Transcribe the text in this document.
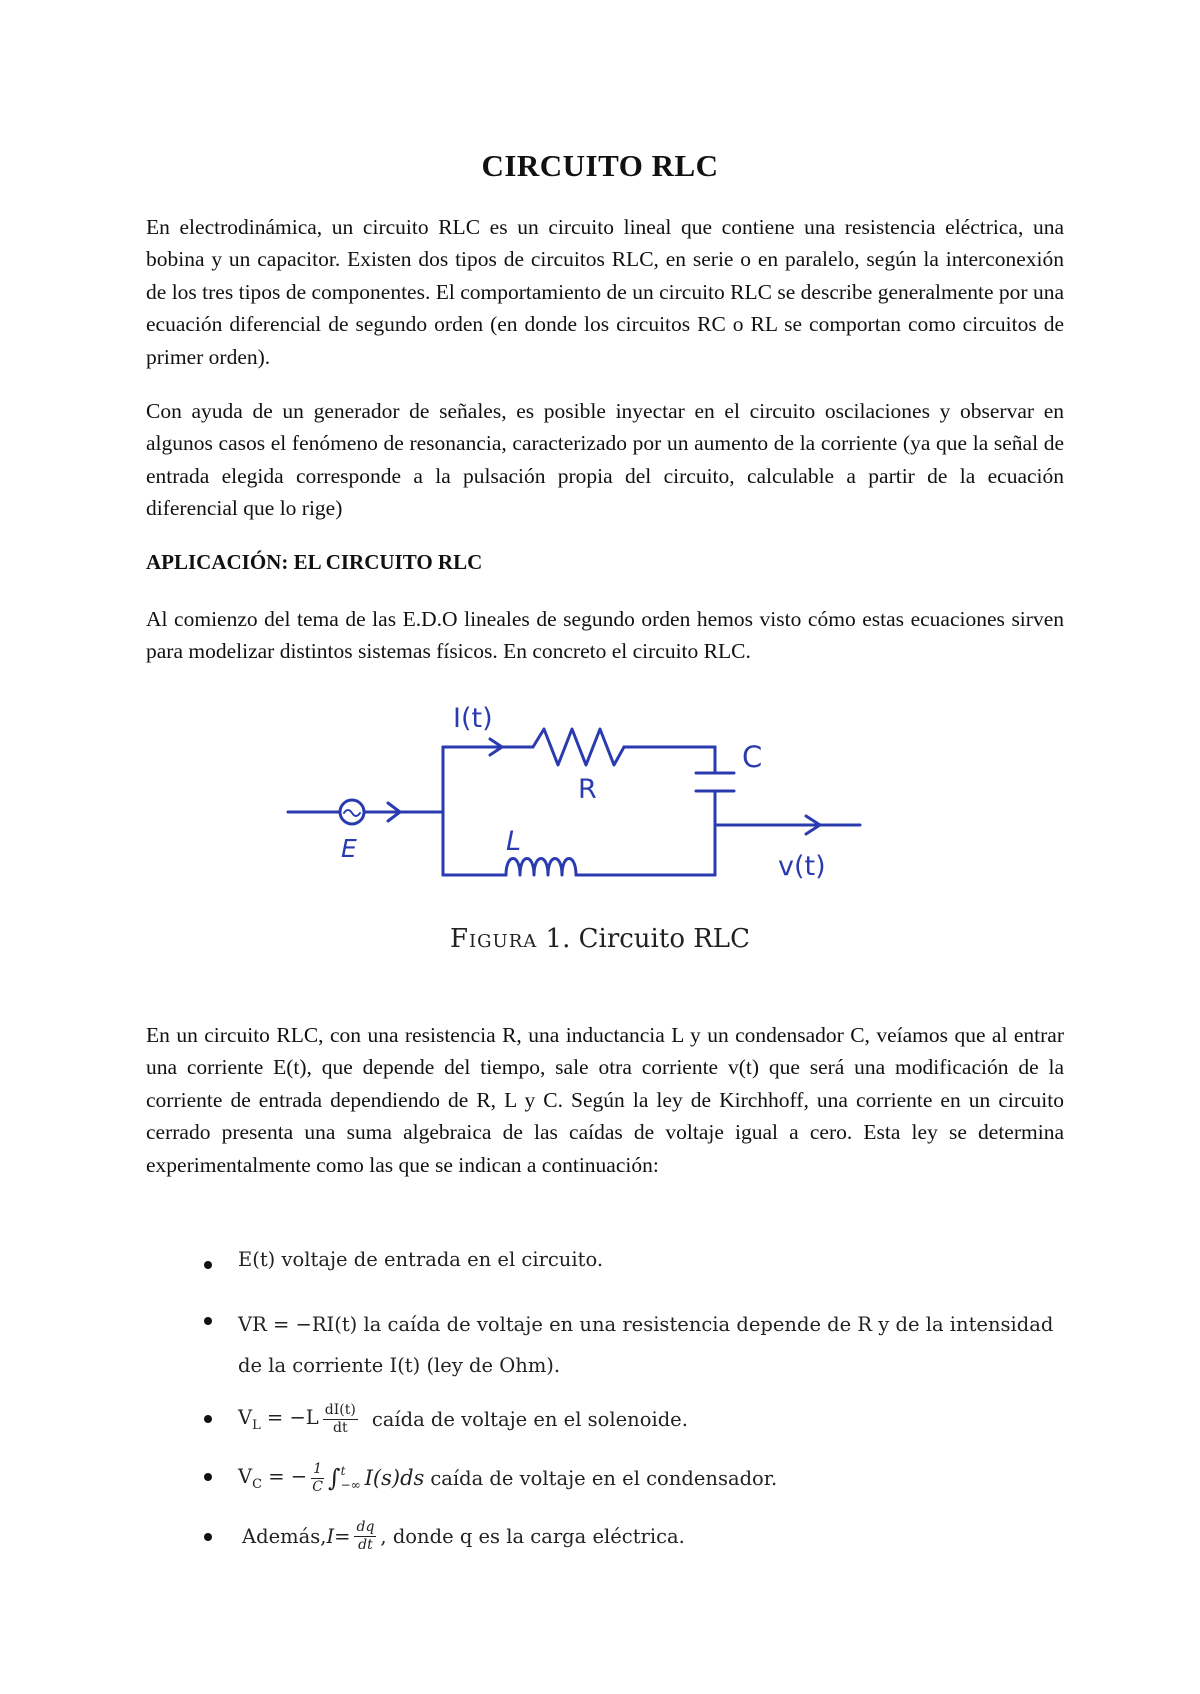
CIRCUITO RLC

En electrodinámica, un circuito RLC es un circuito lineal que contiene una resistencia eléctrica, una bobina y un capacitor. Existen dos tipos de circuitos RLC, en serie o en paralelo, según la interconexión de los tres tipos de componentes. El comportamiento de un circuito RLC se describe generalmente por una ecuación diferencial de segundo orden (en donde los circuitos RC o RL se comportan como circuitos de primer orden).

Con ayuda de un generador de señales, es posible inyectar en el circuito oscilaciones y observar en algunos casos el fenómeno de resonancia, caracterizado por un aumento de la corriente (ya que la señal de entrada elegida corresponde a la pulsación propia del circuito, calculable a partir de la ecuación diferencial que lo rige)

APLICACIÓN: EL CIRCUITO RLC

Al comienzo del tema de las E.D.O lineales de segundo orden hemos visto cómo estas ecuaciones sirven para modelizar distintos sistemas físicos. En concreto el circuito RLC.

I(t)
R
C
L
E
v(t)
Figura 1. Circuito RLC

En un circuito RLC, con una resistencia R, una inductancia L y un condensador C, veíamos que al entrar una corriente E(t), que depende del tiempo, sale otra corriente v(t) que será una modificación de la corriente de entrada dependiendo de R, L y C. Según la ley de Kirchhoff, una corriente en un circuito cerrado presenta una suma algebraica de las caídas de voltaje igual a cero. Esta ley se determina experimentalmente como las que se indican a continuación:

E(t) voltaje de entrada en el circuito.
VR = −RI(t) la caída de voltaje en una resistencia depende de R y de la intensidad de la corriente I(t) (ley de Ohm).
$V_L = -L \frac{dI(t)}{dt}$ caída de voltaje en el solenoide.
$V_C$ = − $\frac{1}{C}$ ∫ t
−∞ I(s)ds caída de voltaje en el condensador.
Además, $I = \frac{dq}{dt}$ , donde q es la carga eléctrica.
